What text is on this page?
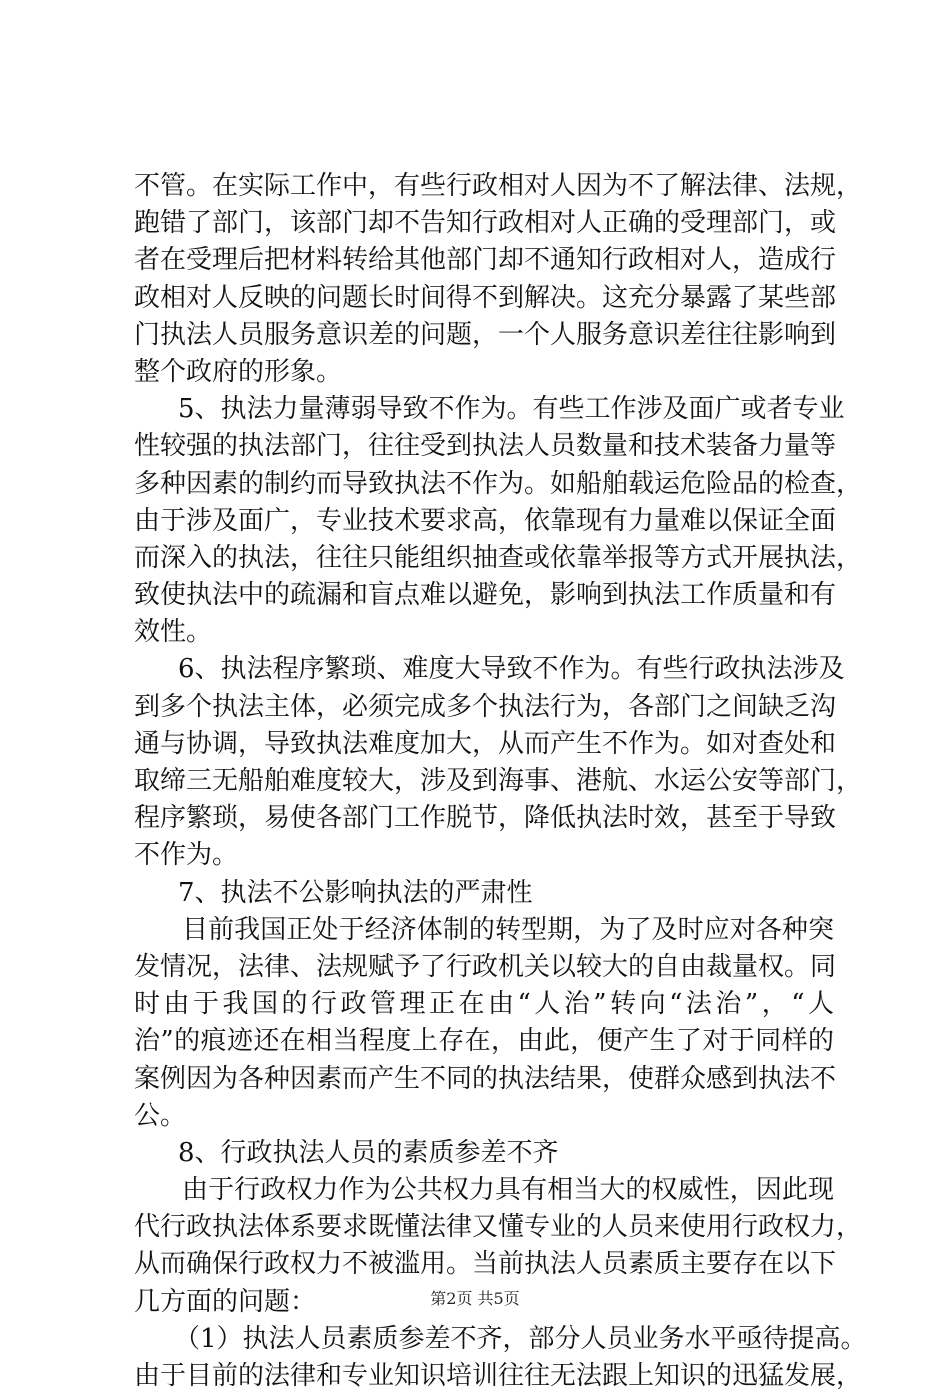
不管。在实际工作中，有些行政相对人因为不了解法律、法规，
跑错了部门，该部门却不告知行政相对人正确的受理部门，或
者在受理后把材料转给其他部门却不通知行政相对人，造成行
政相对人反映的问题长时间得不到解决。这充分暴露了某些部
门执法人员服务意识差的问题，一个人服务意识差往往影响到
整个政府的形象。
5、执法力量薄弱导致不作为。有些工作涉及面广或者专业
性较强的执法部门，往往受到执法人员数量和技术装备力量等
多种因素的制约而导致执法不作为。如船舶载运危险品的检查，
由于涉及面广，专业技术要求高，依靠现有力量难以保证全面
而深入的执法，往往只能组织抽查或依靠举报等方式开展执法，
致使执法中的疏漏和盲点难以避免，影响到执法工作质量和有
效性。
6、执法程序繁琐、难度大导致不作为。有些行政执法涉及
到多个执法主体，必须完成多个执法行为，各部门之间缺乏沟
通与协调，导致执法难度加大，从而产生不作为。如对查处和
取缔三无船舶难度较大，涉及到海事、港航、水运公安等部门，
程序繁琐，易使各部门工作脱节，降低执法时效，甚至于导致
不作为。
7、执法不公影响执法的严肃性
目前我国正处于经济体制的转型期，为了及时应对各种突
发情况，法律、法规赋予了行政机关以较大的自由裁量权。同
时由于我国的行政管理正在由“人治”转向“法治”，“人
治”的痕迹还在相当程度上存在，由此，便产生了对于同样的
案例因为各种因素而产生不同的执法结果，使群众感到执法不
公。
8、行政执法人员的素质参差不齐
由于行政权力作为公共权力具有相当大的权威性，因此现
代行政执法体系要求既懂法律又懂专业的人员来使用行政权力，
从而确保行政权力不被滥用。当前执法人员素质主要存在以下
几方面的问题：
（1）执法人员素质参差不齐，部分人员业务水平亟待提高。
由于目前的法律和专业知识培训往往无法跟上知识的迅猛发展，
第2页 共5页
